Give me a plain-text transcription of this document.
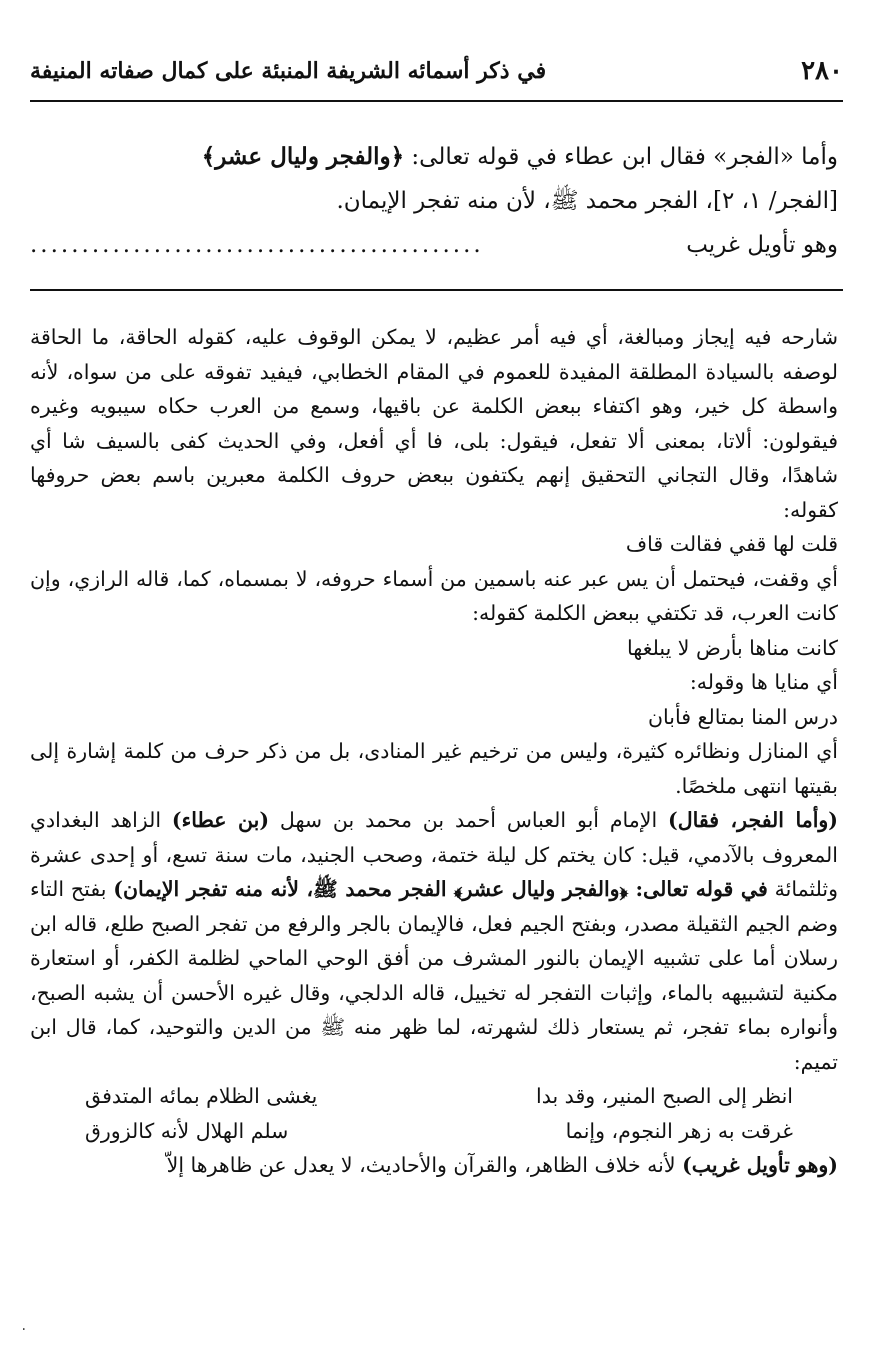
٢٨٠
في ذكر أسمائه الشريفة المنبئة على كمال صفاته المنيفة

وأما «الفجر» فقال ابن عطاء في قوله تعالى: ﴿والفجر وليال عشر﴾

[الفجر/ ١، ٢]، الفجر محمد ﷺ، لأن منه تفجر الإيمان.

وهو تأويل غريب
............................................

شارحه فيه إيجاز ومبالغة، أي فيه أمر عظيم، لا يمكن الوقوف عليه، كقوله الحاقة، ما الحاقة لوصفه بالسيادة المطلقة المفيدة للعموم في المقام الخطابي، فيفيد تفوقه على من سواه، لأنه واسطة كل خير، وهو اكتفاء ببعض الكلمة عن باقيها، وسمع من العرب حكاه سيبويه وغيره فيقولون: ألاتا، بمعنى ألا تفعل، فيقول: بلى، فا أي أفعل، وفي الحديث كفى بالسيف شا أي شاهدًا، وقال التجاني التحقيق إنهم يكتفون ببعض حروف الكلمة معبرين باسم بعض حروفها كقوله:

قلت لها قفي فقالت قاف

أي وقفت، فيحتمل أن يس عبر عنه باسمين من أسماء حروفه، لا بمسماه، كما، قاله الرازي، وإن كانت العرب، قد تكتفي ببعض الكلمة كقوله:

كانت مناها بأرض لا يبلغها

أي منايا ها وقوله:

درس المنا بمتالع فأبان

أي المنازل ونظائره كثيرة، وليس من ترخيم غير المنادى، بل من ذكر حرف من كلمة إشارة إلى بقيتها انتهى ملخصًا.

(وأما الفجر، فقال) الإمام أبو العباس أحمد بن محمد بن سهل (بن عطاء) الزاهد البغدادي المعروف بالآدمي، قيل: كان يختم كل ليلة ختمة، وصحب الجنيد، مات سنة تسع، أو إحدى عشرة وثلثمائة في قوله تعالى: ﴿والفجر وليال عشر﴾ الفجر محمد ﷺ، لأنه منه تفجر الإيمان) بفتح التاء وضم الجيم الثقيلة مصدر، وبفتح الجيم فعل، فالإيمان بالجر والرفع من تفجر الصبح طلع، قاله ابن رسلان أما على تشبيه الإيمان بالنور المشرف من أفق الوحي الماحي لظلمة الكفر، أو استعارة مكنية لتشبيهه بالماء، وإثبات التفجر له تخييل، قاله الدلجي، وقال غيره الأحسن أن يشبه الصبح، وأنواره بماء تفجر، ثم يستعار ذلك لشهرته، لما ظهر منه ﷺ من الدين والتوحيد، كما، قال ابن تميم:

انظر إلى الصبح المنير، وقد بدا
يغشى الظلام بمائه المتدفق

غرقت به زهر النجوم، وإنما
سلم الهلال لأنه كالزورق

(وهو تأويل غريب) لأنه خلاف الظاهر، والقرآن والأحاديث، لا يعدل عن ظاهرها إلاّ

٠
